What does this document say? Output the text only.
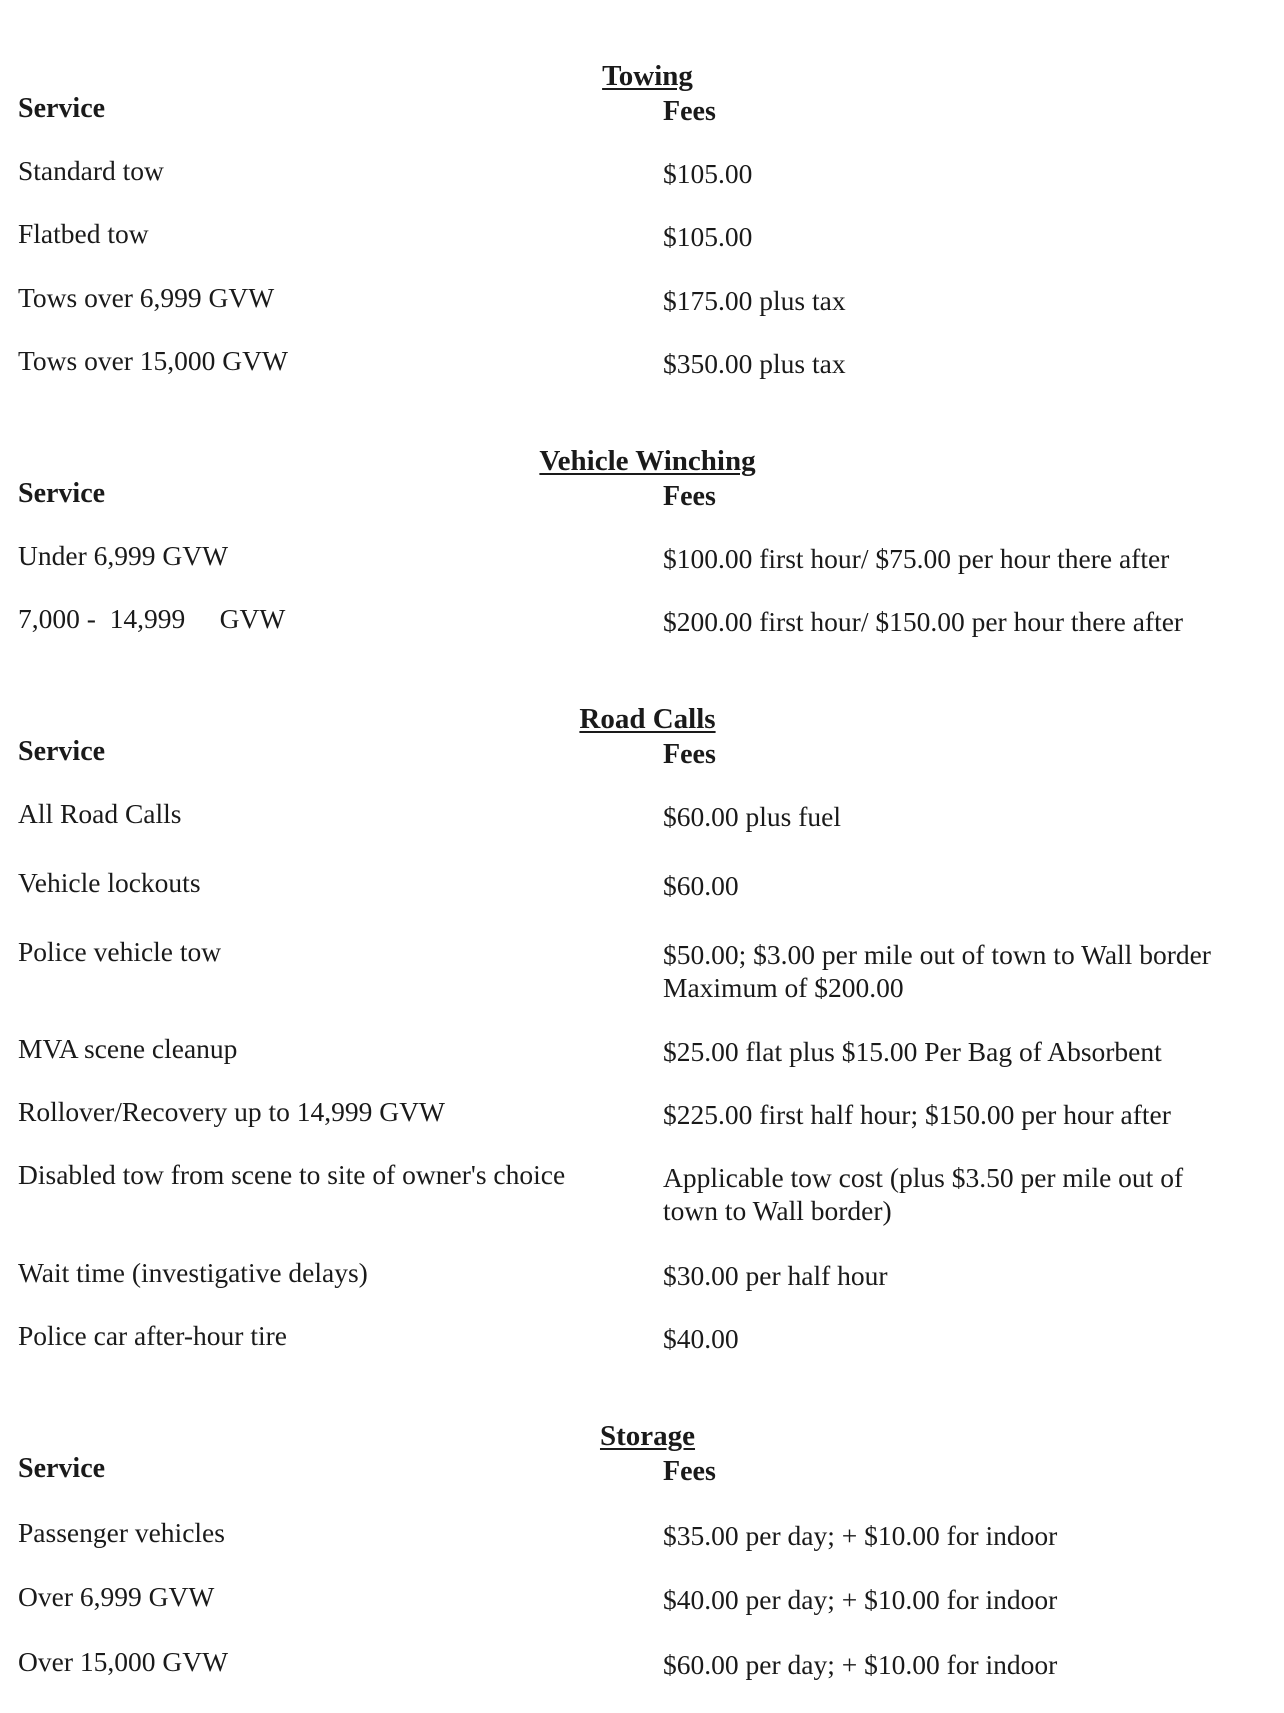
Towing
Service	Fees
Standard tow	$105.00
Flatbed tow	$105.00
Tows over 6,999 GVW	$175.00 plus tax
Tows over 15,000 GVW	$350.00 plus tax
Vehicle Winching
Service	Fees
Under 6,999 GVW	$100.00 first hour/ $75.00 per hour there after
7,000 -  14,999     GVW	$200.00 first hour/ $150.00 per hour there after
Road Calls
Service	Fees
All Road Calls	$60.00 plus fuel
Vehicle lockouts	$60.00
Police vehicle tow	$50.00; $3.00 per mile out of town to Wall border
Maximum of $200.00
MVA scene cleanup	$25.00 flat plus $15.00 Per Bag of Absorbent
Rollover/Recovery up to 14,999 GVW	$225.00 first half hour; $150.00 per hour after
Disabled tow from scene to site of owner's choice	Applicable tow cost (plus $3.50 per mile out of
town to Wall border)
Wait time (investigative delays)	$30.00 per half hour
Police car after-hour tire	$40.00
Storage
Service	Fees
Passenger vehicles	$35.00 per day; + $10.00 for indoor
Over 6,999 GVW	$40.00 per day; + $10.00 for indoor
Over 15,000 GVW	$60.00 per day; + $10.00 for indoor
